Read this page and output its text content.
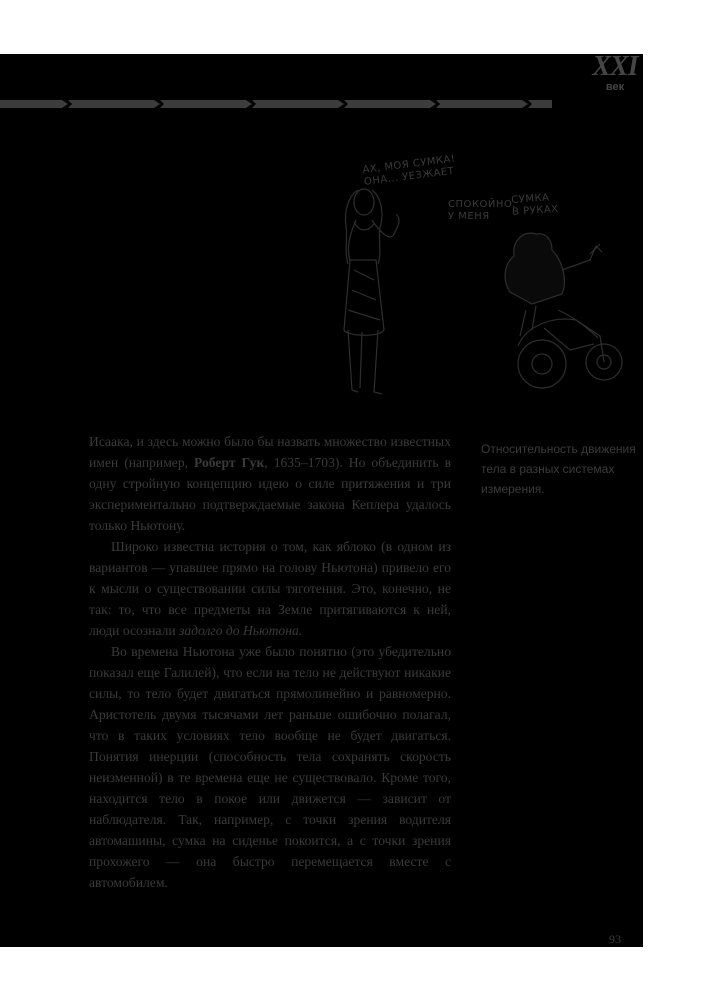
XXI
век
АХ, МОЯ СУМКА!
ОНА... УЕЗЖАЕТ
СПОКОЙНО,
У МЕНЯ
СУМКА
В РУКАХ
Относительность движения тела в разных системах измерения.

Исаака, и здесь можно было бы назвать множество известных имен (например, Роберт Гук, 1635–1703). Но объединить в одну стройную концепцию идею о силе притяжения и три экспериментально подтверждаемые закона Кеплера удалось только Ньютону.

Широко известна история о том, как яблоко (в одном из вариантов — упавшее прямо на голову Ньютона) привело его к мысли о существовании силы тяготения. Это, конечно, не так: то, что все предметы на Земле притягиваются к ней, люди осознали задолго до Ньютона.

Во времена Ньютона уже было понятно (это убедительно показал еще Галилей), что если на тело не действуют никакие силы, то тело будет двигаться прямолинейно и равномерно. Аристотель двумя тысячами лет раньше ошибочно полагал, что в таких условиях тело вообще не будет двигаться. Понятия инерции (способность тела сохранять скорость неизменной) в те времена еще не существовало. Кроме того, находится тело в покое или движется — зависит от наблюдателя. Так, например, с точки зрения водителя автомашины, сумка на сиденье покоится, а с точки зрения прохожего — она быстро перемещается вместе с автомобилем.

93
